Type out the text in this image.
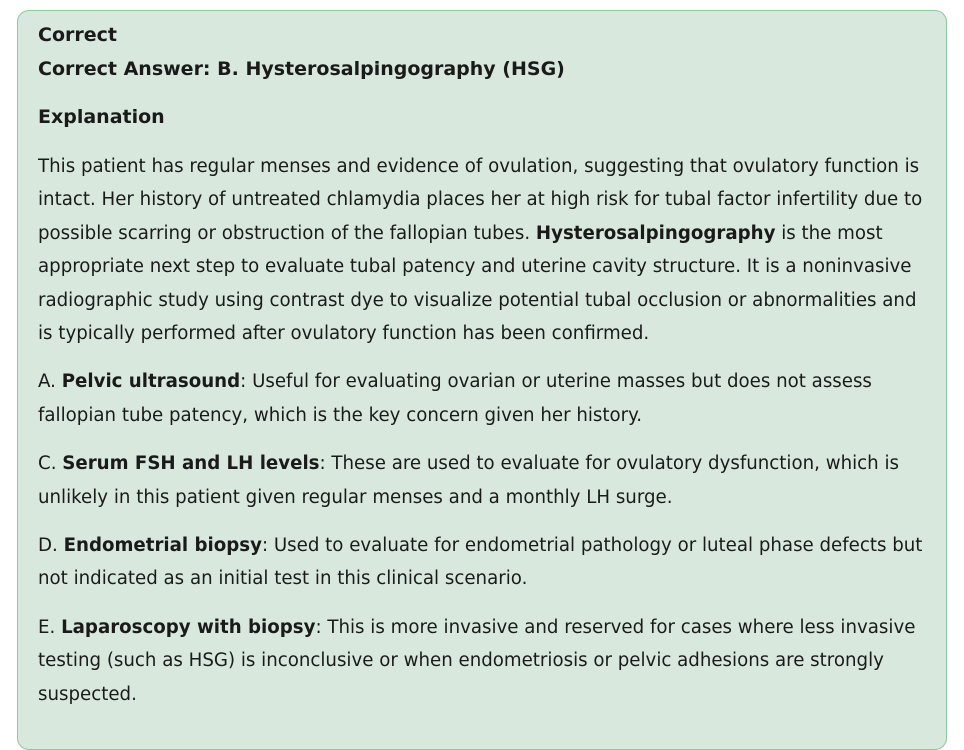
Correct

Correct Answer: B. Hysterosalpingography (HSG)

Explanation

This patient has regular menses and evidence of ovulation, suggesting that ovulatory function is intact. Her history of untreated chlamydia places her at high risk for tubal factor infertility due to possible scarring or obstruction of the fallopian tubes. Hysterosalpingography is the most appropriate next step to evaluate tubal patency and uterine cavity structure. It is a noninvasive radiographic study using contrast dye to visualize potential tubal occlusion or abnormalities and is typically performed after ovulatory function has been confirmed.

A. Pelvic ultrasound: Useful for evaluating ovarian or uterine masses but does not assess fallopian tube patency, which is the key concern given her history.

C. Serum FSH and LH levels: These are used to evaluate for ovulatory dysfunction, which is unlikely in this patient given regular menses and a monthly LH surge.

D. Endometrial biopsy: Used to evaluate for endometrial pathology or luteal phase defects but not indicated as an initial test in this clinical scenario.

E. Laparoscopy with biopsy: This is more invasive and reserved for cases where less invasive testing (such as HSG) is inconclusive or when endometriosis or pelvic adhesions are strongly suspected.
